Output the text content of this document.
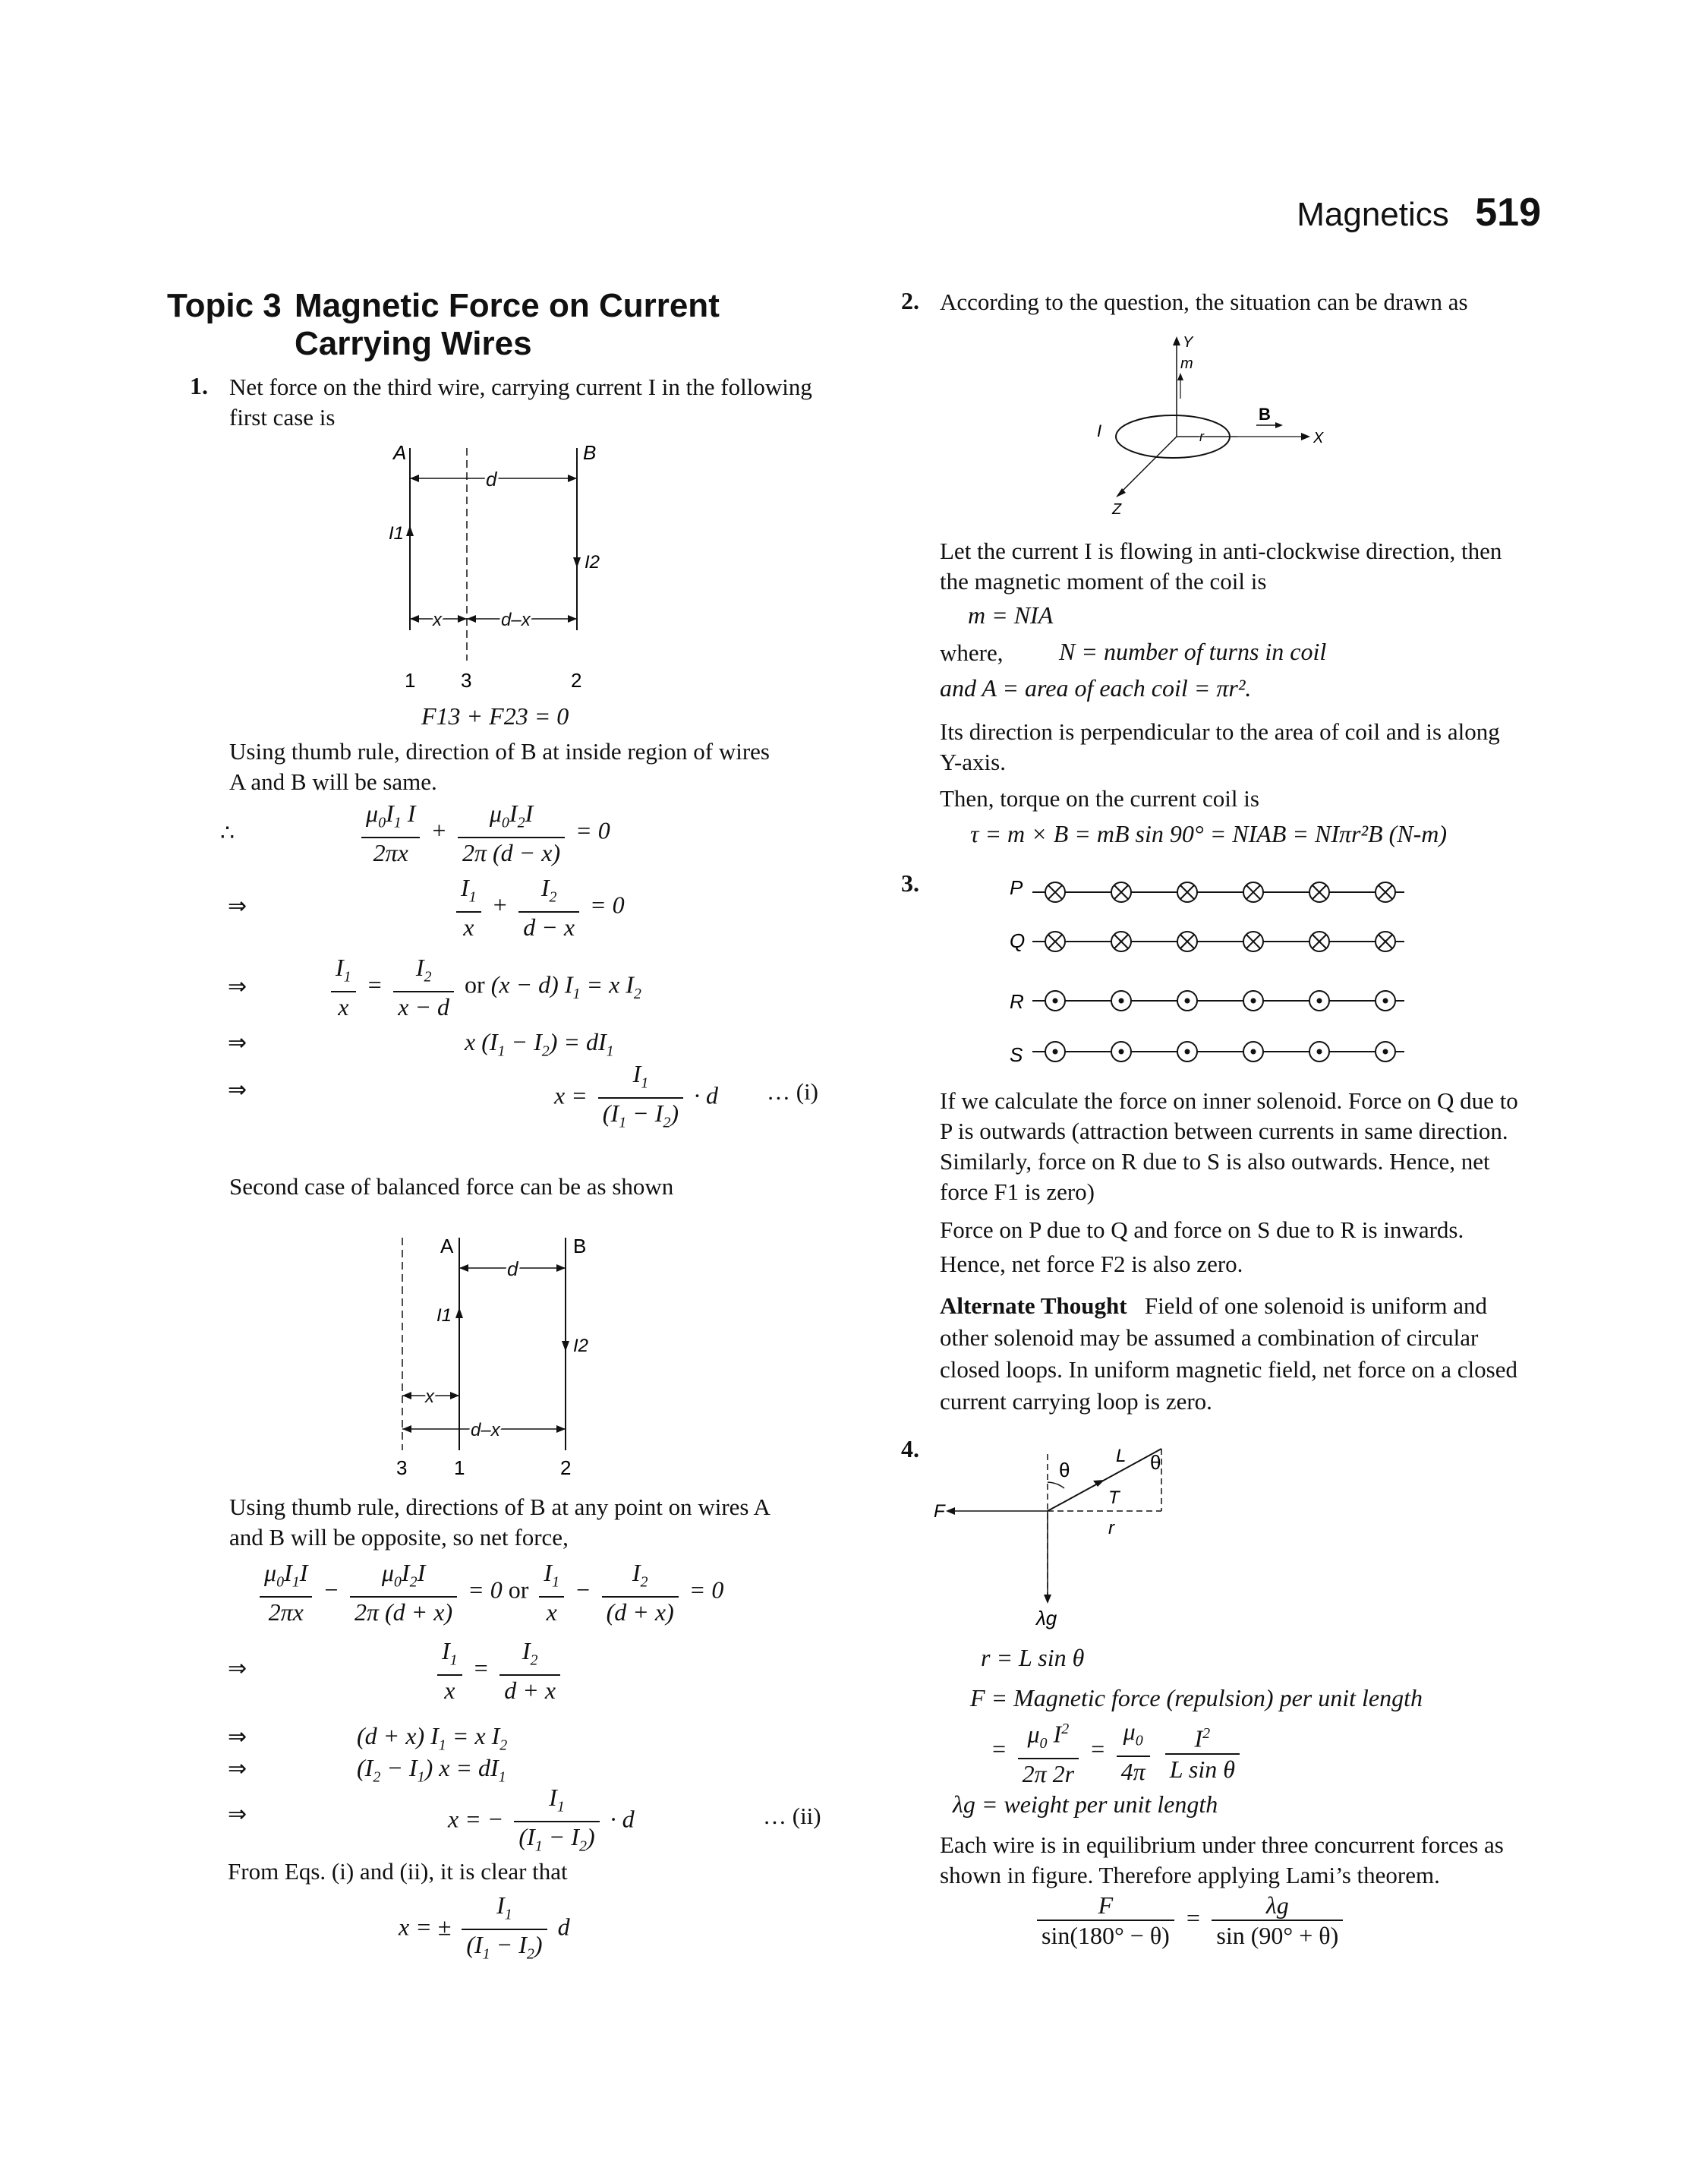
Magnetics 519
Topic 3 Magnetic Force on Current
Carrying Wires
1. Net force on the third wire, carrying current I in the following
first case is
A	B
d
I1
I2
x	d–x
1 3	2
F13 + F23 = 0
Using thumb rule, direction of B at inside region of wires
A and B will be same.
∴	$\frac{\mu_0I_1 I}{2\pi x} + \frac{\mu_0I_2I}{2\pi (d - x)} = 0$
⇒	$\frac{I_1}{x} + \frac{I_2}{d - x} = 0$
⇒	$\frac{I_1}{x} = \frac{I_2}{x - d}$ or (x − d) $I_1 = x$ $I_2$
⇒	x $(I_1 - I_2) = dI_1$
⇒	$x = \frac{I_1}{(I_1 - I_2)} \cdot d$ … (i)
Second case of balanced force can be as shown
A	B
d
I1
I2
x
d–x
3 1	2
Using thumb rule, directions of B at any point on wires A
and B will be opposite, so net force,
$\frac{\mu_0I_1I}{2\pi x} - \frac{\mu_0I_2I}{2\pi (d + x)} = 0$ or $\frac{I_1}{x} - \frac{I_2}{(d + x)} = 0$
⇒	$\frac{I_1}{x} = \frac{I_2}{d + x}$
⇒	(d + x) $I_1 = x$ $I_2$
⇒	$(I_2 - I_1) x = dI_1$
⇒	x = − $\frac{I_1}{(I_1 - I_2)} \cdot d$	… (ii)
From Eqs. (i) and (ii), it is clear that
x = ± $\frac{I_1}{(I_1 - I_2)}$ d
2. According to the question, the situation can be drawn as
Y
m
I	r	X
B
Z
Let the current I is flowing in anti-clockwise direction, then
the magnetic moment of the coil is
m = NIA
where, N = number of turns in coil
and A = area of each coil = πr².
Its direction is perpendicular to the area of coil and is along
Y-axis.
Then, torque on the current coil is
τ = m × B = mB sin 90° = NIAB = NIπr²B (N-m)
3.	P
Q
R
S
If we calculate the force on inner solenoid. Force on Q due to
P is outwards (attraction between currents in same direction.
Similarly, force on R due to S is also outwards. Hence, net
force F1 is zero)
Force on P due to Q and force on S due to R is inwards.
Hence, net force F2 is also zero.
Alternate Thought Field of one solenoid is uniform and
other solenoid may be assumed a combination of circular
closed loops. In uniform magnetic field, net force on a closed
current carrying loop is zero.
4.
θ	θ
L
T
F
r
λg
r = L sin θ
F = Magnetic force (repulsion) per unit length
= $\frac{\mu_0 I^2}{2\pi 2r} = \frac{\mu_0}{4\pi}$
$\frac{I^2}{\text{L sin θ}}$
λg = weight per unit length
Each wire is in equilibrium under three concurrent forces as
shown in figure. Therefore applying Lami’s theorem.
$\frac{F}{\sin(180^\circ - \theta)} = \frac{\lambda g}{\sin (90^\circ + \theta)}$
